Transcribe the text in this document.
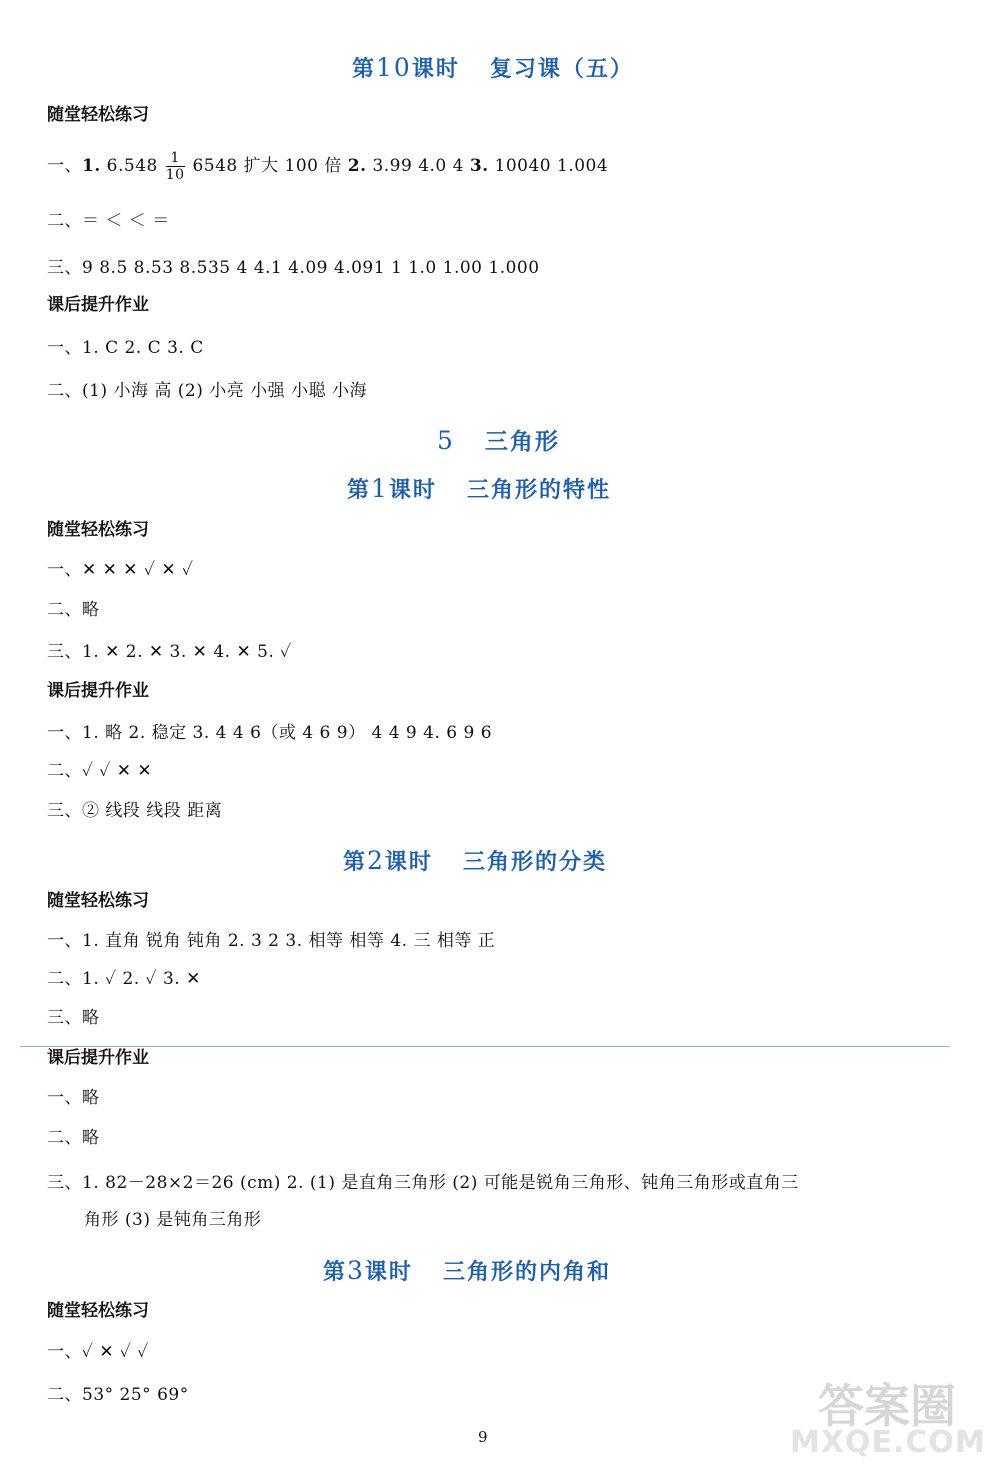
第10课时 复习课（五）
随堂轻松练习
一、1. $6.548 \frac{1}{10} 6548$ 扩大 100 倍 2. 3.99 4.0 4 3. 10040 1.004
二、＝ ＜ ＜ ＝
三、9 8.5 8.53 8.535 4 4.1 4.09 4.091 1 1.0 1.00 1.000
课后提升作业
一、1. C 2. C 3. C
二、(1) 小海 高 (2) 小亮 小强 小聪 小海
5 三角形
第1课时 三角形的特性
随堂轻松练习
一、✕ ✕ ✕ ✓ ✕ ✓
二、略
三、1. ✕ 2. ✕ 3. ✕ 4. ✕ 5. ✓
课后提升作业
一、1. 略 2. 稳定 3. 4 4 6（或 4 6 9） 4 4 9 4. 6 9 6
二、✓ ✓ ✕ ✕
三、② 线段 线段 距离
第2课时 三角形的分类
随堂轻松练习
一、1. 直角 锐角 钝角 2. 3 2 3. 相等 相等 4. 三 相等 正
二、1. ✓ 2. ✓ 3. ✕
三、略
课后提升作业
一、略
二、略
三、1. 82－28×2＝26 (cm) 2. (1) 是直角三角形 (2) 可能是锐角三角形、钝角三角形或直角三
角形 (3) 是钝角三角形
第3课时 三角形的内角和
随堂轻松练习
一、✓ ✕ ✓ ✓
二、53° 25° 69°
9
答案圈
MXQE.COM
